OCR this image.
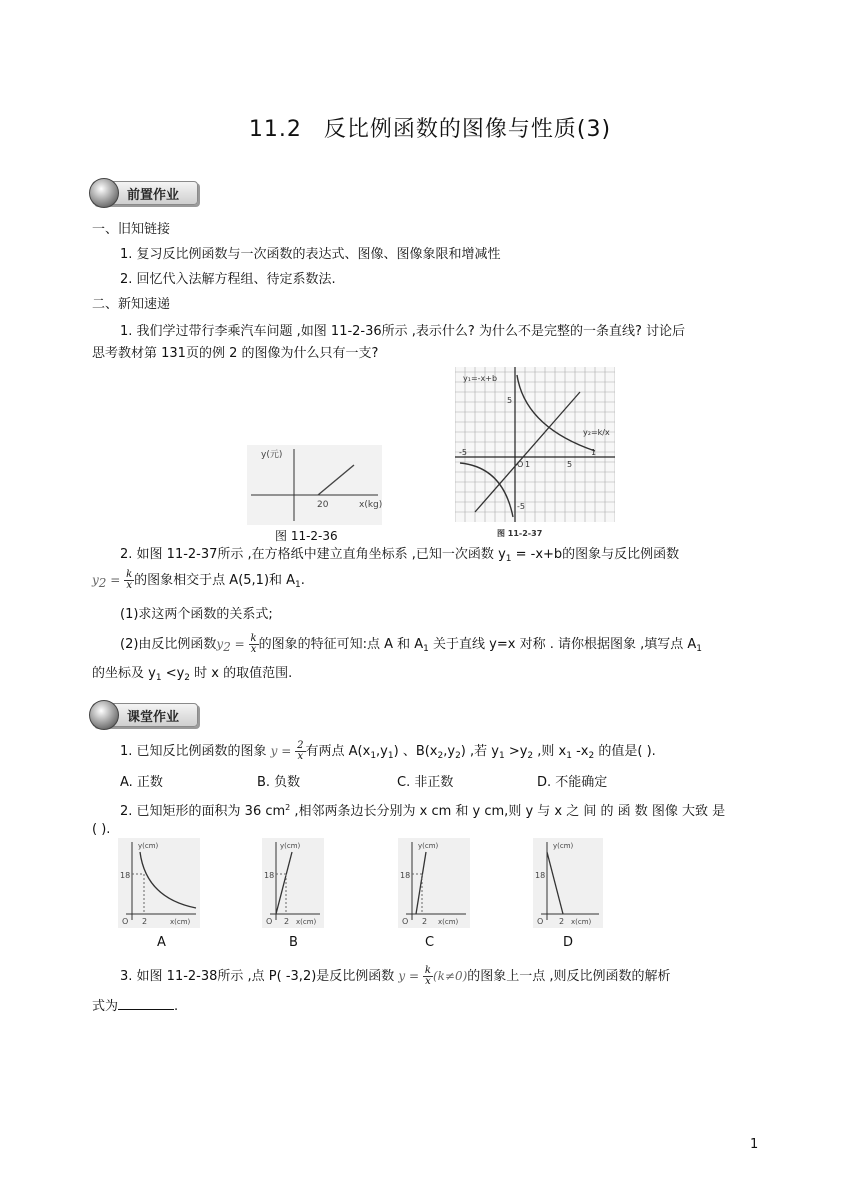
11.2 反比例函数的图像与性质(3)
前置作业
一、旧知链接
1. 复习反比例函数与一次函数的表达式、图像、图像象限和增减性
2. 回忆代入法解方程组、待定系数法.
二、新知速递
1. 我们学过带行李乘汽车问题 ,如图 11-2-36所示 ,表示什么? 为什么不是完整的一条直线? 讨论后
思考教材第 131页的例 2 的图像为什么只有一支?
y(元)
x(kg)
20
图 11-2-36
y₁=-x+b
y₂=k/x
5
1
O 1	5
-5
-5
图 11-2-37
2. 如图 11-2-37所示 ,在方格纸中建立直角坐标系 ,已知一次函数 $y_1 = -x+b$的图象与反比例函数
$y2 = \frac{k}{x}$ 的图象相交于点 A(5,1)和 $A_1$.
(1)求这两个函数的关系式;
(2)由反比例函数$y2 = \frac{k}{x}$ 的图象的特征可知:点 A 和 $A_1$ 关于直线 y=x 对称 . 请你根据图象 ,填写点 $A_1$
的坐标及 $y_1 <y_2$ 时 x 的取值范围.
课堂作业
1. 已知反比例函数的图象 $y = \frac{2}{x}$ 有两点 $A(x_1,y_1)$ 、$B(x_2,y_2)$ ,若 $y_1 >y_2$ ,则 $x_1$ $-x_2$ 的值是( ).
A. 正数	B. 负数	C. 非正数	D. 不能确定
2. 已知矩形的面积为 36 $cm^2$ ,相邻两条边长分别为 x cm 和 y cm,则 y 与 x 之 间 的 函 数 图像 大致 是
( ).
y(cm)
18
O 2	x(cm)
A
y(cm)
18
O 2 x(cm)
B
y(cm)
18
O 2 x(cm)
C
y(cm)
18
O 2 x(cm)
D
3. 如图 11-2-38所示 ,点 P( -3,2)是反比例函数 $y = \frac{k}{x} (k\ne 0)$的图象上一点 ,则反比例函数的解析
式为	.
1
